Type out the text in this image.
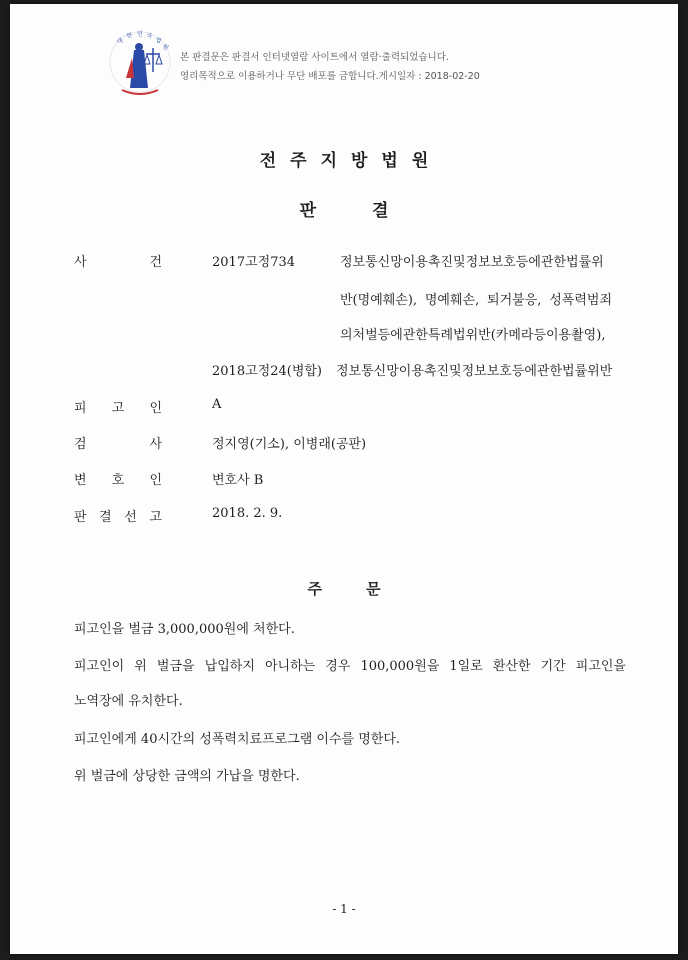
대
한 민 국
법
원
본 판결문은 판결서 인터넷열람 사이트에서 열람·출력되었습니다.
영리목적으로 이용하거나 무단 배포를 금합니다.게시일자 : 2018-02-20
전주지방법원
판결
사	건	2017고정734	정보통신망이용촉진및정보보호등에관한법률위
반(명예훼손), 명예훼손, 퇴거불응, 성폭력범죄
의처벌등에관한특례법위반(카메라등이용촬영),
2018고정24(병합) 정보통신망이용촉진및정보보호등에관한법률위반
피 고 인	A
검	사	정지영(기소), 이병래(공판)
변 호 인	변호사 B
판 결 선 고	2018. 2. 9.
주문
피고인을 벌금 3,000,000원에 처한다.
피고인이 위 벌금을 납입하지 아니하는 경우 100,000원을 1일로 환산한 기간 피고인을
노역장에 유치한다.
피고인에게 40시간의 성폭력치료프로그램 이수를 명한다.
위 벌금에 상당한 금액의 가납을 명한다.
- 1 -
